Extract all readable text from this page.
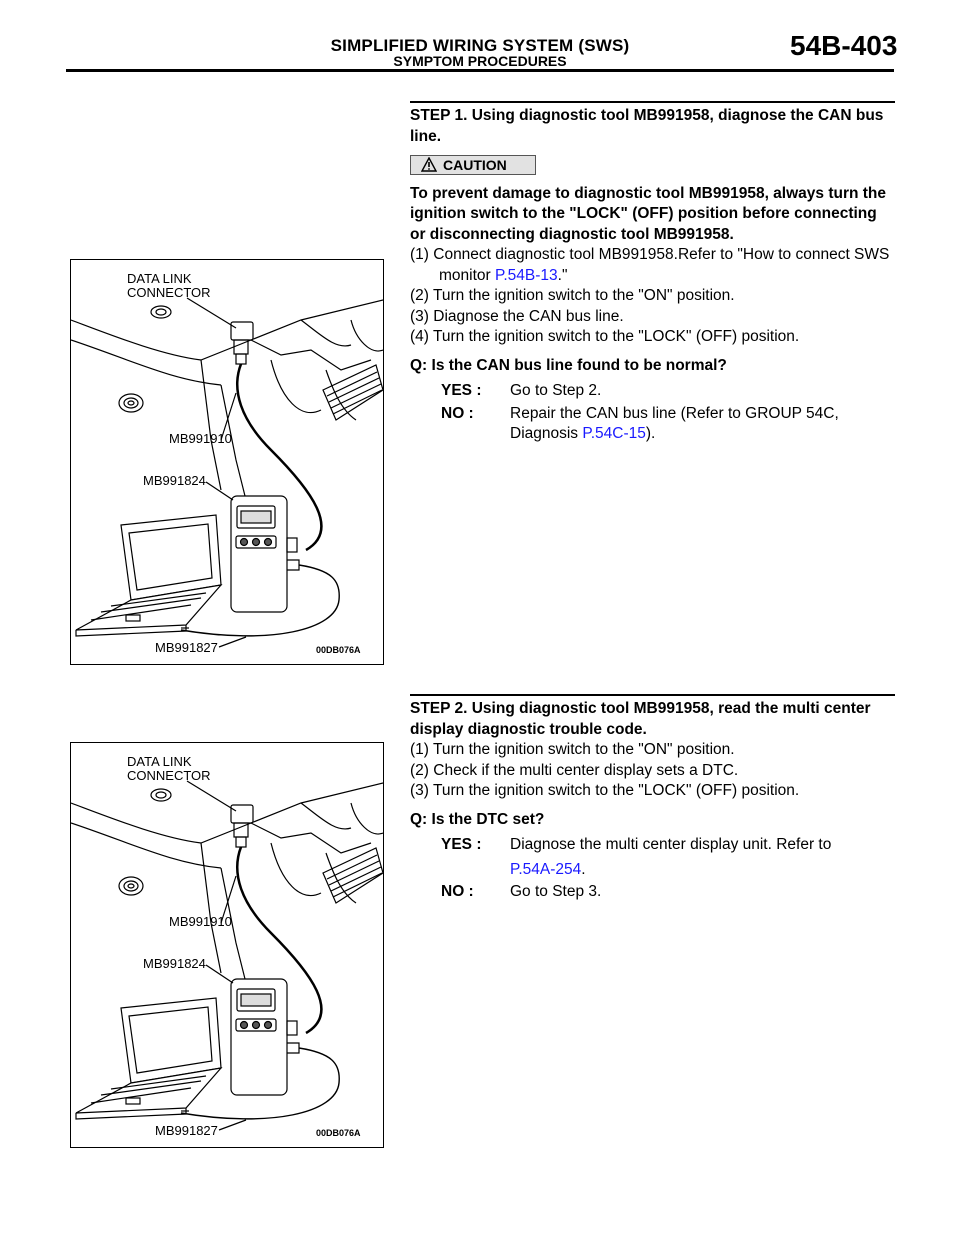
SIMPLIFIED WIRING SYSTEM (SWS)
SYMPTOM PROCEDURES	54B-403
STEP 1. Using diagnostic tool MB991958, diagnose the CAN bus line.
CAUTION
To prevent damage to diagnostic tool MB991958, always turn the ignition switch to the "LOCK" (OFF) position before connecting or disconnecting diagnostic tool MB991958.
(1) Connect diagnostic tool MB991958.Refer to "How to connect SWS monitor P.54B-13."
(2) Turn the ignition switch to the "ON" position.
(3) Diagnose the CAN bus line.
(4) Turn the ignition switch to the "LOCK" (OFF) position.
Q: Is the CAN bus line found to be normal?
YES : Go to Step 2.
NO : Repair the CAN bus line (Refer to GROUP 54C, Diagnosis P.54C-15).
STEP 2. Using diagnostic tool MB991958, read the multi center display diagnostic trouble code.
(1) Turn the ignition switch to the "ON" position.
(2) Check if the multi center display sets a DTC.
(3) Turn the ignition switch to the "LOCK" (OFF) position.
Q: Is the DTC set?
YES : Diagnose the multi center display unit. Refer to
P.54A-254.
NO : Go to Step 3.
DATA LINK
CONNECTOR
MB991910
MB991824
MB991827	00DB076A
DATA LINK
CONNECTOR
MB991910
MB991824
MB991827	00DB076A
